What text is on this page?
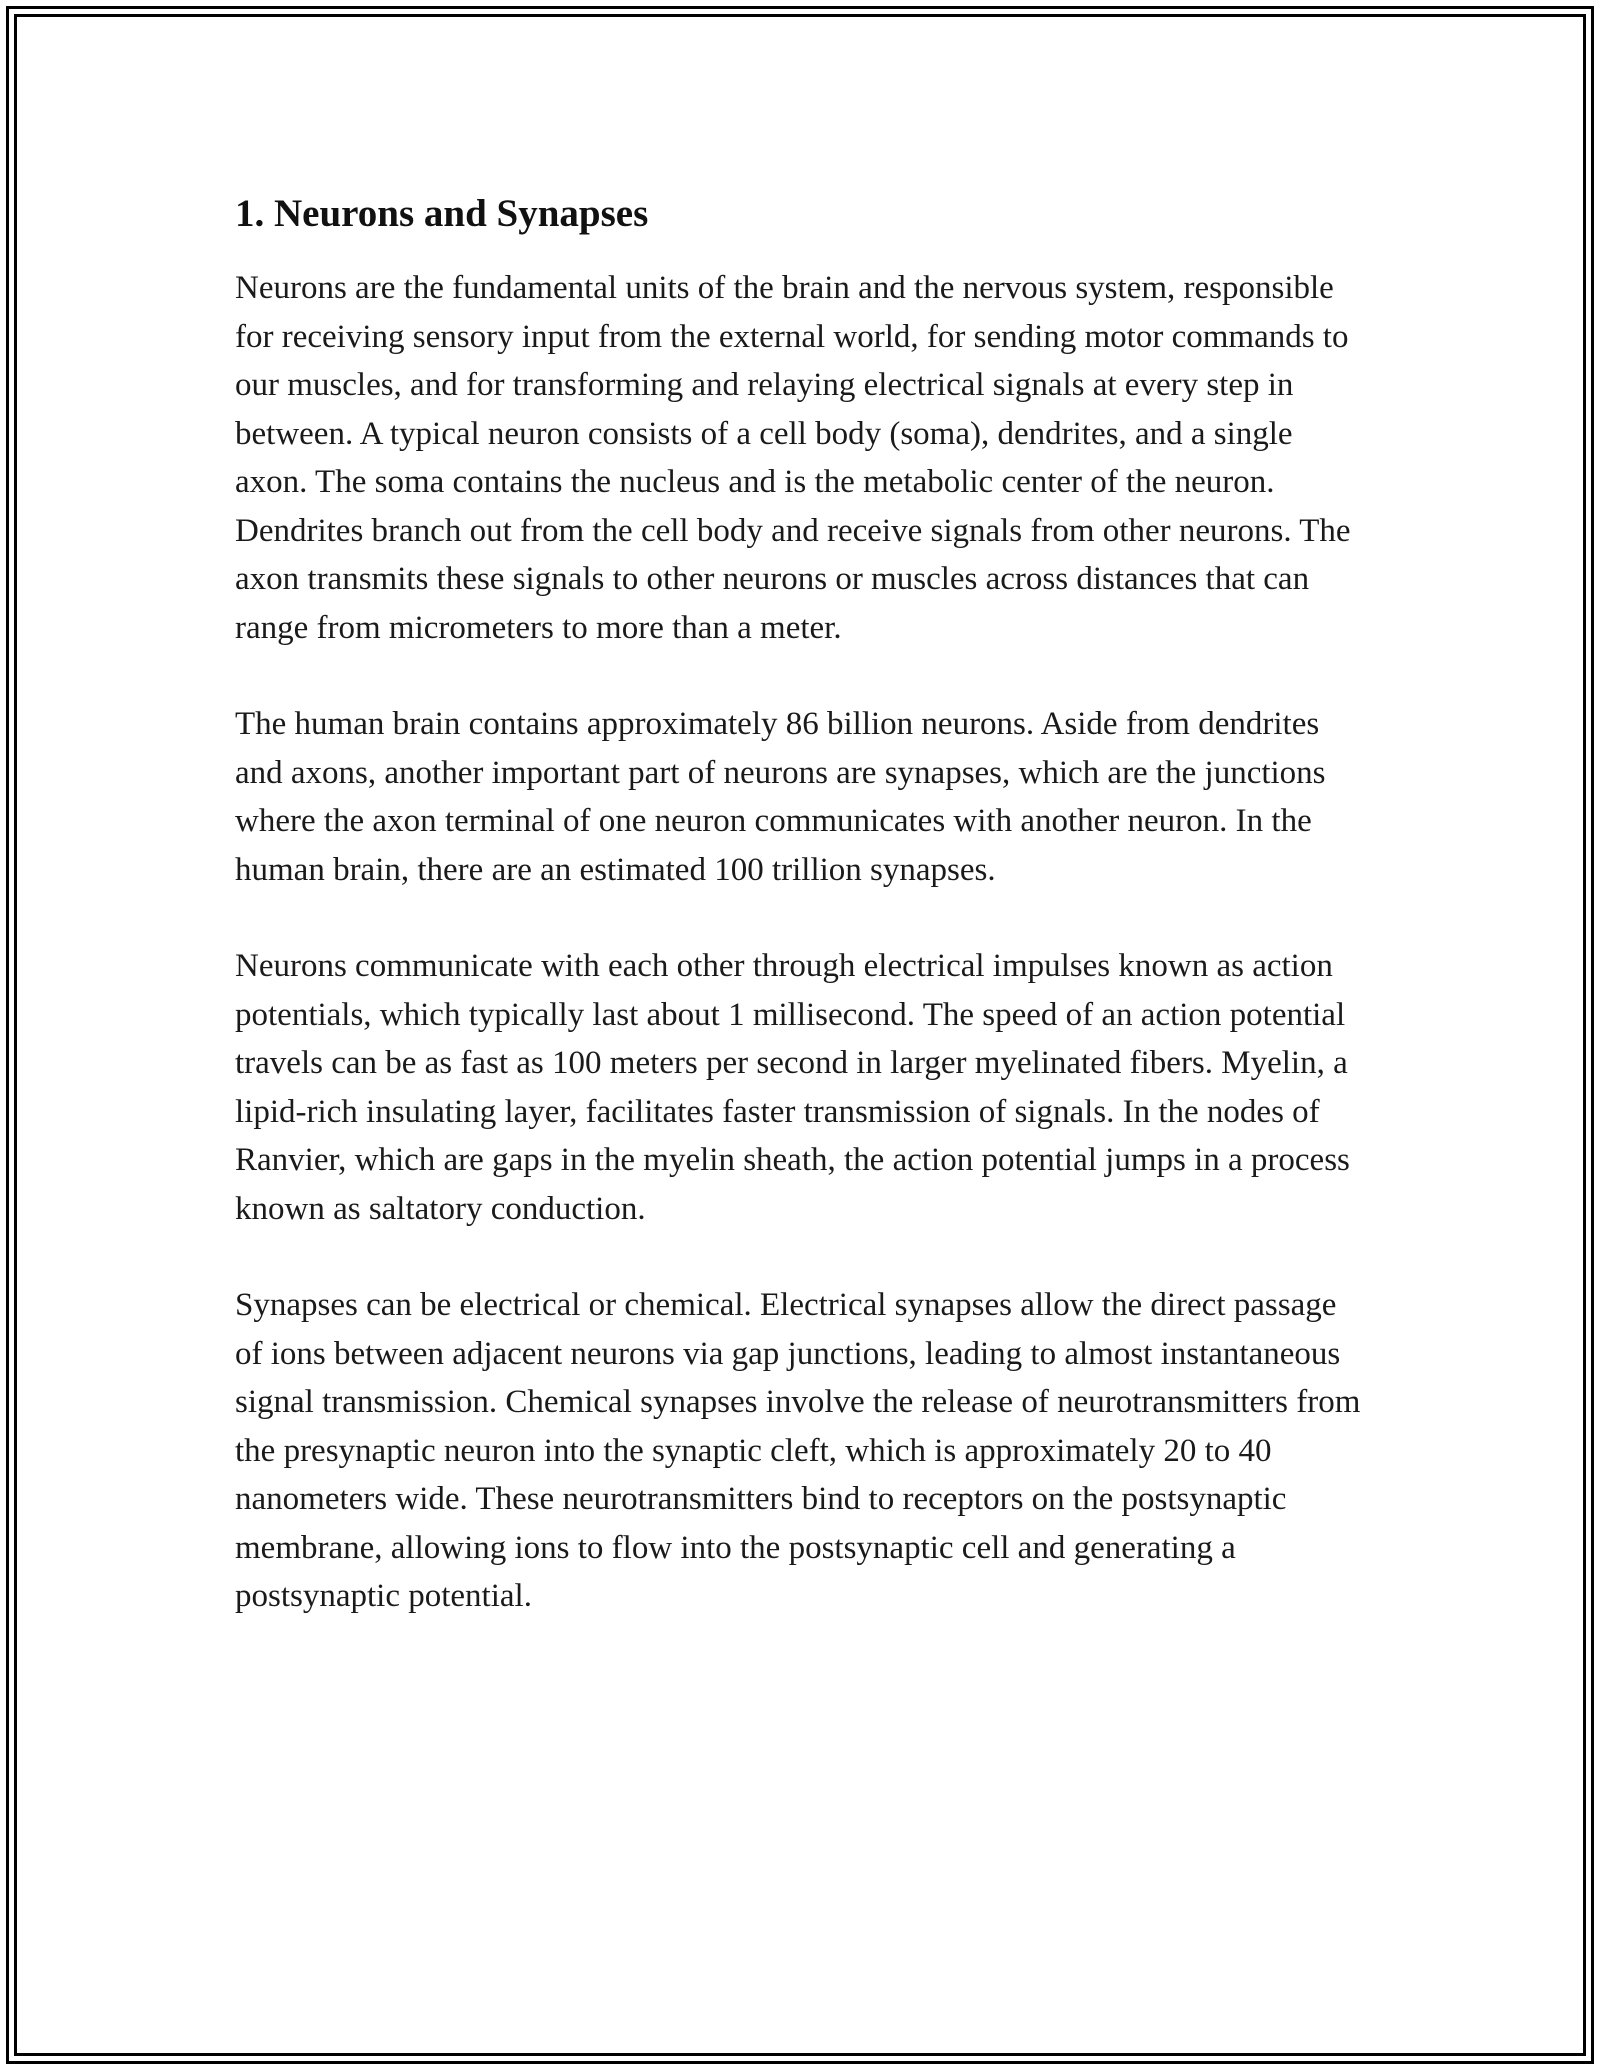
1. Neurons and Synapses

Neurons are the fundamental units of the brain and the nervous system, responsible for receiving sensory input from the external world, for sending motor commands to our muscles, and for transforming and relaying electrical signals at every step in between. A typical neuron consists of a cell body (soma), dendrites, and a single axon. The soma contains the nucleus and is the metabolic center of the neuron. Dendrites branch out from the cell body and receive signals from other neurons. The axon transmits these signals to other neurons or muscles across distances that can range from micrometers to more than a meter.

The human brain contains approximately 86 billion neurons. Aside from dendrites and axons, another important part of neurons are synapses, which are the junctions where the axon terminal of one neuron communicates with another neuron. In the human brain, there are an estimated 100 trillion synapses.

Neurons communicate with each other through electrical impulses known as action potentials, which typically last about 1 millisecond. The speed of an action potential travels can be as fast as 100 meters per second in larger myelinated fibers. Myelin, a lipid-rich insulating layer, facilitates faster transmission of signals. In the nodes of Ranvier, which are gaps in the myelin sheath, the action potential jumps in a process known as saltatory conduction.

Synapses can be electrical or chemical. Electrical synapses allow the direct passage of ions between adjacent neurons via gap junctions, leading to almost instantaneous signal transmission. Chemical synapses involve the release of neurotransmitters from the presynaptic neuron into the synaptic cleft, which is approximately 20 to 40 nanometers wide. These neurotransmitters bind to receptors on the postsynaptic membrane, allowing ions to flow into the postsynaptic cell and generating a postsynaptic potential.
